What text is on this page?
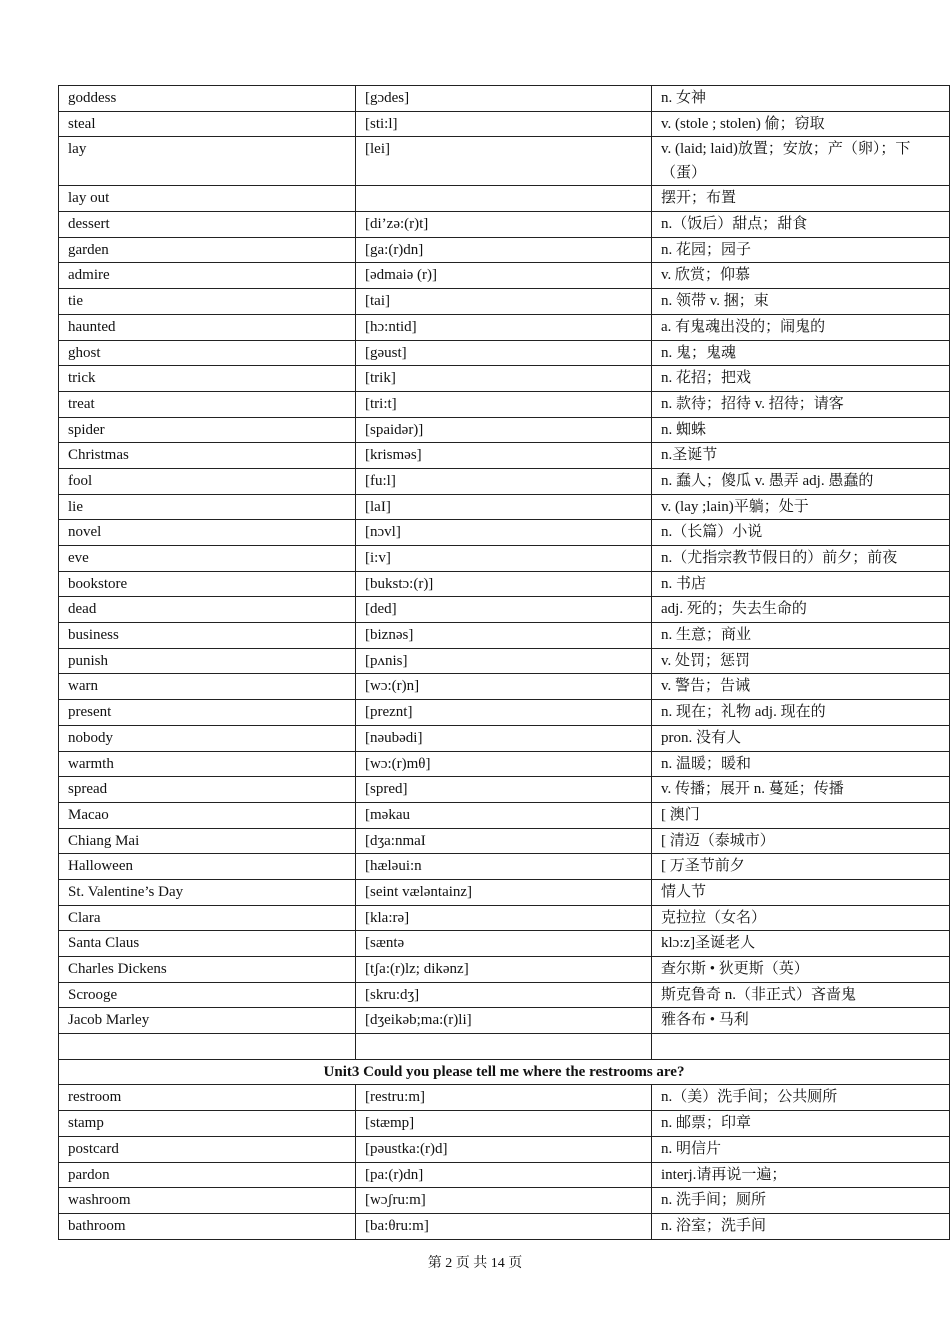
goddess	[gɔdes]	n. 女神
steal	[sti:l]	v. (stole ; stolen) 偷；窃取
lay	[lei]	v. (laid; laid)放置；安放；产（卵）；下（蛋）
lay out		摆开；布置
dessert	[di’zə:(r)t]	n.（饭后）甜点；甜食
garden	[ga:(r)dn]	n. 花园；园子
admire	[ədmaiə (r)]	v. 欣赏；仰慕
tie	[tai]	n. 领带 v. 捆；束
haunted	[hɔ:ntid]	a. 有鬼魂出没的；闹鬼的
ghost	[gəust]	n. 鬼；鬼魂
trick	[trik]	n. 花招；把戏
treat	[tri:t]	n. 款待；招待 v. 招待；请客
spider	[spaidər)]	n. 蜘蛛
Christmas	[krisməs]	n.圣诞节
fool	[fu:l]	n. 蠢人；傻瓜 v. 愚弄 adj. 愚蠢的
lie	[laI]	v. (lay ;lain)平躺；处于
novel	[nɔvl]	n.（长篇）小说
eve	[i:v]	n.（尤指宗教节假日的）前夕；前夜
bookstore	[bukstɔ:(r)]	n. 书店
dead	[ded]	adj. 死的；失去生命的
business	[biznəs]	n. 生意；商业
punish	[pʌnis]	v. 处罚；惩罚
warn	[wɔ:(r)n]	v. 警告；告诫
present	[preznt]	n. 现在；礼物 adj. 现在的
nobody	[nəubədi]	pron. 没有人
warmth	[wɔ:(r)mθ]	n. 温暖；暖和
spread	[spred]	v. 传播；展开 n. 蔓延；传播
Macao	[məkau	[ 澳门
Chiang Mai	[dʒa:nmaI	[ 清迈（泰城市）
Halloween	[hæləui:n	[ 万圣节前夕
St. Valentine’s Day	[seint væləntainz]	情人节
Clara	[kla:rə]	克拉拉（女名）
Santa Claus	[sæntə	klɔ:z]圣诞老人
Charles Dickens	[tʃa:(r)lz; dikənz]	查尔斯 • 狄更斯（英）
Scrooge	[skru:dʒ]	斯克鲁奇 n.（非正式）吝啬鬼
Jacob Marley	[dʒeikəb;ma:(r)li]	雅各布 • 马利

Unit3 Could you please tell me where the restrooms are?		
restroom	[restru:m]	n.（美）洗手间；公共厕所
stamp	[stæmp]	n. 邮票；印章
postcard	[pəustka:(r)d]	n. 明信片
pardon	[pa:(r)dn]	interj.请再说一遍；
washroom	[wɔʃru:m]	n. 洗手间；厕所
bathroom	[ba:θru:m]	n. 浴室；洗手间
第 2 页 共 14 页
